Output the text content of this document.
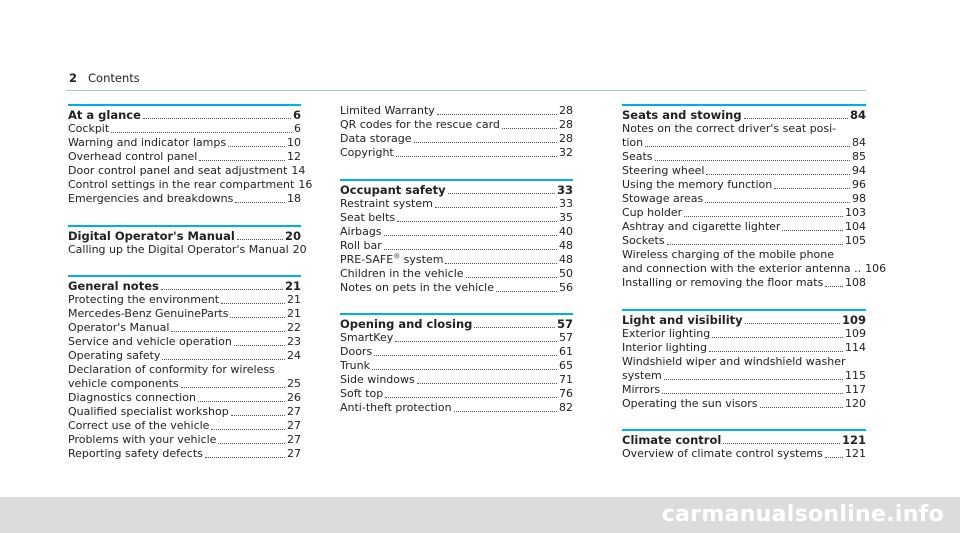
2 Contents
At a glance	6
Cockpit	6
Warning and indicator lamps	10
Overhead control panel	12
Door control panel and seat adjustment 14
Control settings in the rear compartment 16
Emergencies and breakdowns	18
Digital Operator's Manual	20
Calling up the Digital Operator's Manual 20
General notes	21
Protecting the environment	21
Mercedes-Benz GenuineParts	21
Operator's Manual	22
Service and vehicle operation	23
Operating safety	24
Declaration of conformity for wireless
vehicle components	25
Diagnostics connection	26
Qualified specialist workshop	27
Correct use of the vehicle	27
Problems with your vehicle	27
Reporting safety defects	27
Limited Warranty	28
QR codes for the rescue card	28
Data storage	28
Copyright	32
Occupant safety	33
Restraint system	33
Seat belts	35
Airbags	40
Roll bar	48
PRE-SAFE® system	48
Children in the vehicle	50
Notes on pets in the vehicle	56
Opening and closing	57
SmartKey	57
Doors	61
Trunk	65
Side windows	71
Soft top	76
Anti-theft protection	82
Seats and stowing	84
Notes on the correct driver's seat posi-
tion	84
Seats	85
Steering wheel	94
Using the memory function	96
Stowage areas	98
Cup holder	103
Ashtray and cigarette lighter	104
Sockets	105
Wireless charging of the mobile phone
and connection with the exterior antenna .. 106
Installing or removing the floor mats 108
Light and visibility	109
Exterior lighting	109
Interior lighting	114
Windshield wiper and windshield washer
system	115
Mirrors	117
Operating the sun visors	120
Climate control	121
Overview of climate control systems 121
carmanualsonline.info
